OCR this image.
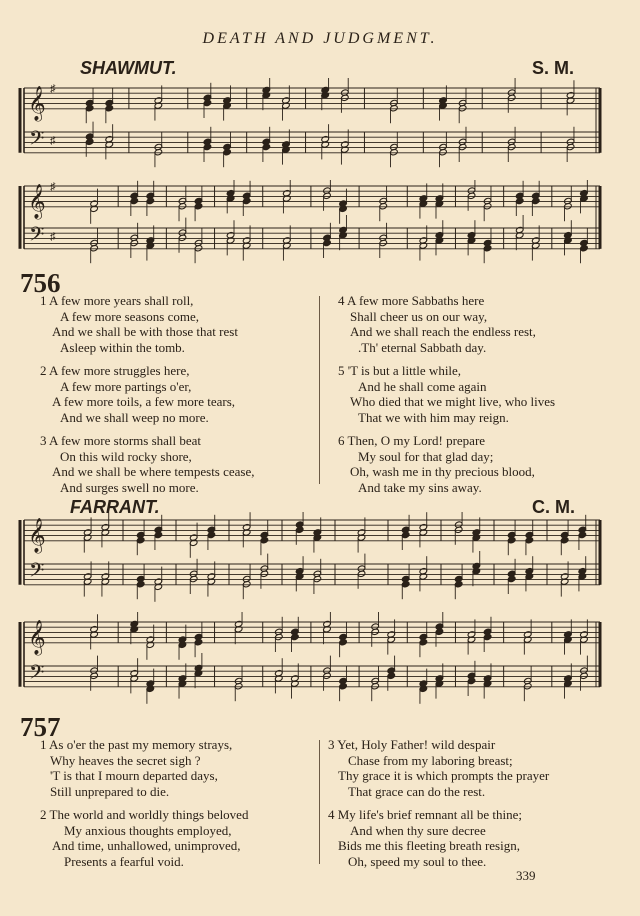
DEATH AND JUDGMENT.
SHAWMUT.	S. M.
𝄞
𝄢
♯
♯
𝄞
𝄢
♯
♯
756
1 A few more years shall roll,
A few more seasons come,
And we shall be with those that rest
Asleep within the tomb.
2 A few more struggles here,
A few more partings o'er,
A few more toils, a few more tears,
And we shall weep no more.
3 A few more storms shall beat
On this wild rocky shore,
And we shall be where tempests cease,
And surges swell no more.
4 A few more Sabbaths here
Shall cheer us on our way,
And we shall reach the endless rest,
.Th' eternal Sabbath day.
5 'T is but a little while,
And he shall come again
Who died that we might live, who lives
That we with him may reign.
6 Then, O my Lord! prepare
My soul for that glad day;
Oh, wash me in thy precious blood,
And take my sins away.
FARRANT.	C. M.
𝄞
𝄢
𝄞
𝄢
757
1 As o'er the past my memory strays,
Why heaves the secret sigh ?
'T is that I mourn departed days,
Still unprepared to die.
2 The world and worldly things beloved
My anxious thoughts employed,
And time, unhallowed, unimproved,
Presents a fearful void.
3 Yet, Holy Father! wild despair
Chase from my laboring breast;
Thy grace it is which prompts the prayer
That grace can do the rest.
4 My life's brief remnant all be thine;
And when thy sure decree
Bids me this fleeting breath resign,
Oh, speed my soul to thee.
339
